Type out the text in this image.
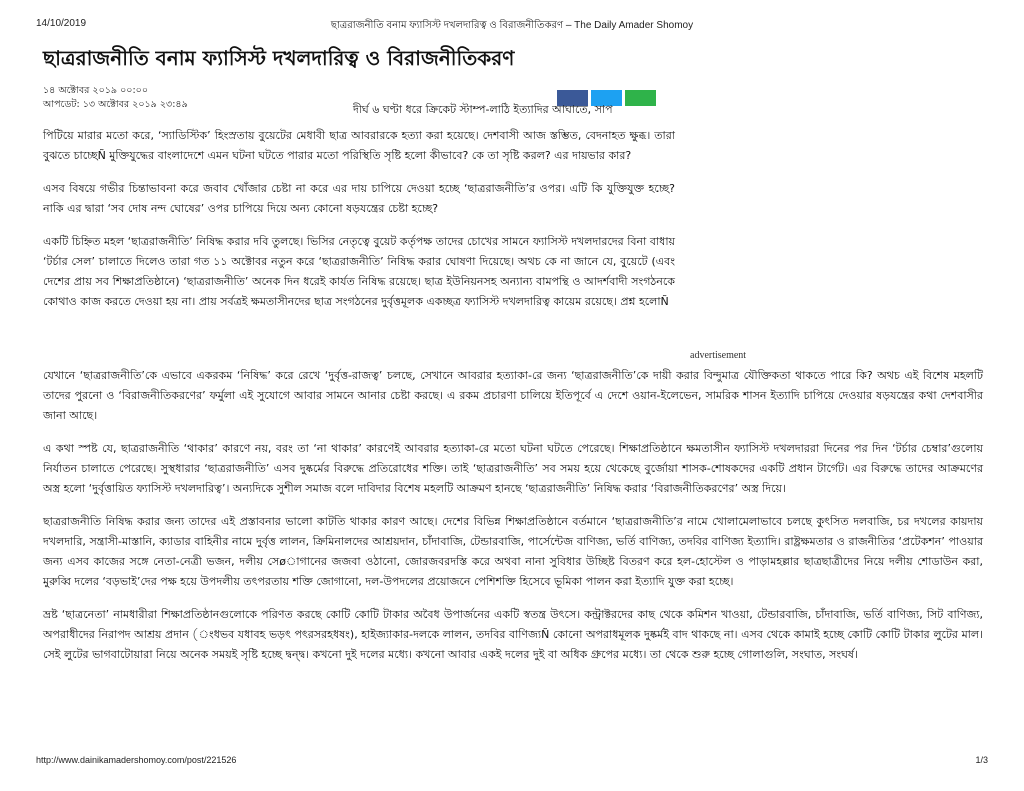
14/10/2019	ছাত্ররাজনীতি বনাম ফ্যাসিস্ট দখলদারিত্ব ও বিরাজনীতিকরণ – The Daily Amader Shomoy
ছাত্ররাজনীতি বনাম ফ্যাসিস্ট দখলদারিত্ব ও বিরাজনীতিকরণ
১৪ অক্টোবর ২০১৯ ০০:০০
আপডেট: ১৩ অক্টোবর ২০১৯ ২৩:৪৯	দীর্ঘ ৬ ঘণ্টা ধরে ক্রিকেট স্টাম্প-লাঠি ইত্যাদির আঘাতে, সাপ

পিটিয়ে মারার মতো করে, ‘স্যাডিস্টিক’ হিংস্রতায় বুয়েটের মেধাবী ছাত্র আবরারকে হত্যা করা হয়েছে। দেশবাসী আজ স্তম্ভিত, বেদনাহত ক্ষুব্ধ। তারা বুঝতে চাচ্ছেÑ মুক্তিযুদ্ধের বাংলাদেশে এমন ঘটনা ঘটতে পারার মতো পরিস্থিতি সৃষ্টি হলো কীভাবে? কে তা সৃষ্টি করল? এর দায়ভার কার?

এসব বিষয়ে গভীর চিন্তাভাবনা করে জবাব খোঁজার চেষ্টা না করে এর দায় চাপিয়ে দেওয়া হচ্ছে ‘ছাত্ররাজনীতি’র ওপর। এটি কি যুক্তিযুক্ত হচ্ছে? নাকি এর দ্বারা ‘সব দোষ নন্দ ঘোষের’ ওপর চাপিয়ে দিয়ে অন্য কোনো ষড়যন্ত্রের চেষ্টা হচ্ছে?

একটি চিহ্নিত মহল ‘ছাত্ররাজনীতি’ নিষিদ্ধ করার দবি তুলছে। ভিসির নেতৃত্বে বুয়েট কর্তৃপক্ষ তাদের চোখের সামনে ফ্যাসিস্ট দখলদারদের বিনা বাধায় ‘টর্চার সেল’ চালাতে দিলেও তারা গত ১১ অক্টোবর নতুন করে ‘ছাত্ররাজনীতি’ নিষিদ্ধ করার ঘোষণা দিয়েছে। অথচ কে না জানে যে, বুয়েটে (এবং দেশের প্রায় সব শিক্ষাপ্রতিষ্ঠানে) ‘ছাত্ররাজনীতি’ অনেক দিন ধরেই কার্যত নিষিদ্ধ রয়েছে। ছাত্র ইউনিয়নসহ অন্যান্য বামপন্থি ও আদর্শবাদী সংগঠনকে কোথাও কাজ করতে দেওয়া হয় না। প্রায় সর্বত্রই ক্ষমতাসীনদের ছাত্র সংগঠনের দুর্বৃত্তমূলক একচ্ছত্র ফ্যাসিস্ট দখলদারিত্ব কায়েম রয়েছে। প্রশ্ন হলোÑ

advertisement

যেখানে ‘ছাত্ররাজনীতি’কে এভাবে একরকম ‘নিষিদ্ধ’ করে রেখে ‘দুর্বৃত্ত-রাজত্ব’ চলছে, সেখানে আবরার হত্যাকা-রে জন্য ‘ছাত্ররাজনীতি’কে দায়ী করার বিন্দুমাত্র যৌক্তিকতা থাকতে পারে কি? অথচ এই বিশেষ মহলটি তাদের পুরনো ও ‘বিরাজনীতিকরণের’ ফর্মুলা এই সুযোগে আবার সামনে আনার চেষ্টা করছে। এ রকম প্রচারণা চালিয়ে ইতিপূর্বে এ দেশে ওয়ান-ইলেভেন, সামরিক শাসন ইত্যাদি চাপিয়ে দেওয়ার ষড়যন্ত্রের কথা দেশবাসীর জানা আছে।

এ কথা স্পষ্ট যে, ছাত্ররাজনীতি ‘থাকার’ কারণে নয়, বরং তা ‘না থাকার’ কারণেই আবরার হত্যাকা-রে মতো ঘটনা ঘটতে পেরেছে। শিক্ষাপ্রতিষ্ঠানে ক্ষমতাসীন ফ্যাসিস্ট দখলদাররা দিনের পর দিন ‘টর্চার চেম্বার’গুলোয় নির্যাতন চালাতে পেরেছে। সুস্থধারার ‘ছাত্ররাজনীতি’ এসব দুষ্কর্মের বিরুদ্ধে প্রতিরোধের শক্তি। তাই ‘ছাত্ররাজনীতি’ সব সময় হয়ে থেকেছে বুর্জোয়া শাসক-শোষকদের একটি প্রধান টার্গেট। এর বিরুদ্ধে তাদের আক্রমণের অস্ত্র হলো ‘দুর্বৃত্তায়িত ফ্যাসিস্ট দখলদারিত্ব’। অন্যদিকে সুশীল সমাজ বলে দাবিদার বিশেষ মহলটি আক্রমণ হানছে ‘ছাত্ররাজনীতি’ নিষিদ্ধ করার ‘বিরাজনীতিকরণের’ অস্ত্র দিয়ে।

ছাত্ররাজনীতি নিষিদ্ধ করার জন্য তাদের এই প্রস্তাবনার ভালো কাটতি থাকার কারণ আছে। দেশের বিভিন্ন শিক্ষাপ্রতিষ্ঠানে বর্তমানে ‘ছাত্ররাজনীতি’র নামে খোলামেলাভাবে চলছে কুৎসিত দলবাজি, চর দখলের কায়দায় দখলদারি, সন্ত্রাসী-মাস্তানি, ক্যাডার বাহিনীর নামে দুর্বৃত্ত লালন, ক্রিমিনালদের আশ্রয়দান, চাঁদাবাজি, টেন্ডারবাজি, পার্সেন্টেজ বাণিজ্য, ভর্তি বাণিজ্য, তদবির বাণিজ্য ইত্যাদি। রাষ্ট্রক্ষমতার ও রাজনীতির ‘প্রটেকশন’ পাওয়ার জন্য এসব কাজের সঙ্গে নেতা-নেত্রী ভজন, দলীয় সেøাগানের জজবা ওঠানো, জোরজবরদস্তি করে অথবা নানা সুবিধার উচ্ছিষ্ট বিতরণ করে হল-হোস্টেল ও পাড়ামহল্লার ছাত্রছাত্রীদের নিয়ে দলীয় শোডাউন করা, মুরুব্বি দলের ‘বড়ভাই’দের পক্ষ হয়ে উপদলীয় তৎপরতায় শক্তি জোগানো, দল-উপদলের প্রয়োজনে পেশিশক্তি হিসেবে ভূমিকা পালন করা ইত্যাদি যুক্ত করা হচ্ছে।

ভ্রষ্ট ‘ছাত্রনেতা’ নামধারীরা শিক্ষাপ্রতিষ্ঠানগুলোকে পরিণত করছে কোটি কোটি টাকার অবৈধ উপার্জনের একটি স্বতন্ত্র উৎসে। কন্ট্রাক্টরদের কাছ থেকে কমিশন খাওয়া, টেন্ডারবাজি, চাঁদাবাজি, ভর্তি বাণিজ্য, সিট বাণিজ্য, অপরাধীদের নিরাপদ আশ্রয় প্রদান (ংধভব যধাবহ ভড়ৎ পৎরসরহধষং), হাইজ্যাকার-দলকে লালন, তদবির বাণিজ্যÑ কোনো অপরাধমূলক দুষ্কর্মই বাদ থাকছে না। এসব থেকে কামাই হচ্ছে কোটি কোটি টাকার লুটের মাল। সেই লুটের ভাগবাটোয়ারা নিয়ে অনেক সময়ই সৃষ্টি হচ্ছে দ্বন্দ্ব। কখনো দুই দলের মধ্যে। কখনো আবার একই দলের দুই বা অধিক গ্রুপের মধ্যে। তা থেকে শুরু হচ্ছে গোলাগুলি, সংঘাত, সংঘর্ষ।

http://www.dainikamadershomoy.com/post/221526	1/3
